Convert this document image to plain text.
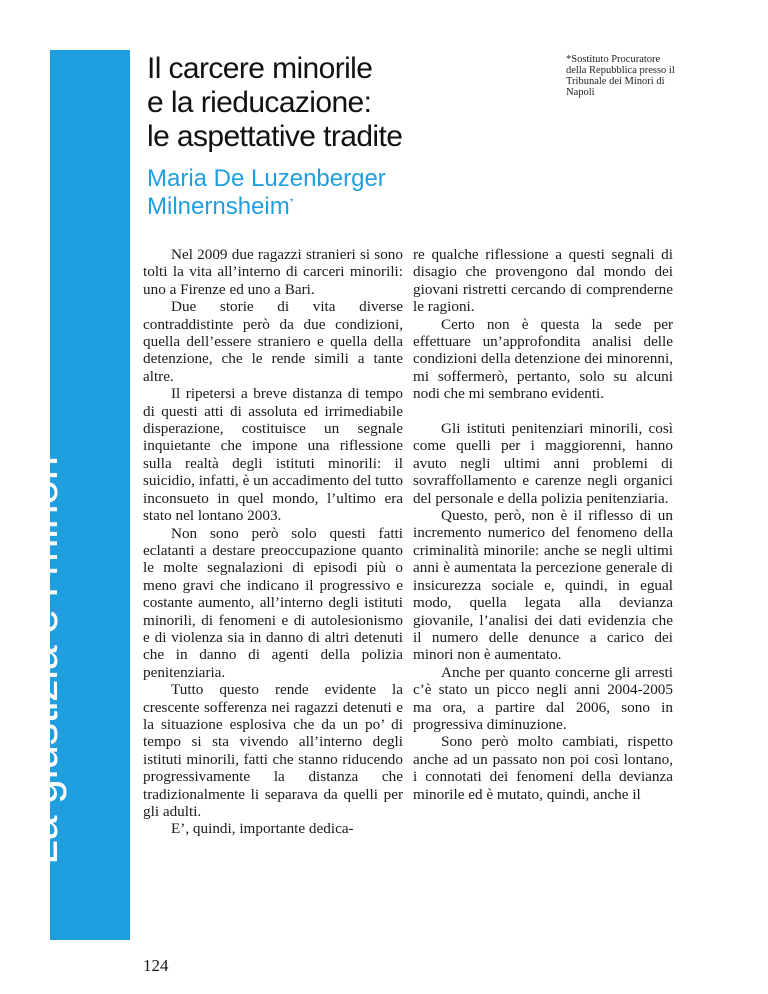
La giustizia e i minori
Il carcere minorile
e la rieducazione:
le aspettative tradite
*Sostituto Procuratore della Repubblica presso il Tribunale dei Minori di Napoli
Maria De Luzenberger
Milnernsheim*

Nel 2009 due ragazzi stranieri si sono tolti la vita all’interno di carceri minorili: uno a Firenze ed uno a Bari.

Due storie di vita diverse contraddistinte però da due condizioni, quella dell’essere straniero e quella della detenzione, che le rende simili a tante altre.

Il ripetersi a breve distanza di tempo di questi atti di assoluta ed irrimediabile disperazione, costituisce un segnale inquietante che impone una riflessione sulla realtà degli istituti minorili: il suicidio, infatti, è un accadimento del tutto inconsueto in quel mondo, l’ultimo era stato nel lontano 2003.

Non sono però solo questi fatti eclatanti a destare preoccupazione quanto le molte segnalazioni di episodi più o meno gravi che indicano il progressivo e costante aumento, all’interno degli istituti minorili, di fenomeni e di autolesionismo e di violenza sia in danno di altri detenuti che in danno di agenti della polizia penitenziaria.

Tutto questo rende evidente la crescente sofferenza nei ragazzi detenuti e la situazione esplosiva che da un po’ di tempo si sta vivendo all’interno degli istituti minorili, fatti che stanno riducendo progressivamente la distanza che tradizionalmente li separava da quelli per gli adulti.

E’, quindi, importante dedica-

re qualche riflessione a questi segnali di disagio che provengono dal mondo dei giovani ristretti cercando di comprenderne le ragioni.

Certo non è questa la sede per effettuare un’approfondita analisi delle condizioni della detenzione dei minorenni, mi soffermerò, pertanto, solo su alcuni nodi che mi sembrano evidenti.

Gli istituti penitenziari minorili, così come quelli per i maggiorenni, hanno avuto negli ultimi anni problemi di sovraffollamento e carenze negli organici del personale e della polizia penitenziaria.

Questo, però, non è il riflesso di un incremento numerico del fenomeno della criminalità minorile: anche se negli ultimi anni è aumentata la percezione generale di insicurezza sociale e, quindi, in egual modo, quella legata alla devianza giovanile, l’analisi dei dati evidenzia che il numero delle denunce a carico dei minori non è aumentato.

Anche per quanto concerne gli arresti c’è stato un picco negli anni 2004-2005 ma ora, a partire dal 2006, sono in progressiva diminuzione.

Sono però molto cambiati, rispetto anche ad un passato non poi così lontano, i connotati dei fenomeni della devianza minorile ed è mutato, quindi, anche il

124
